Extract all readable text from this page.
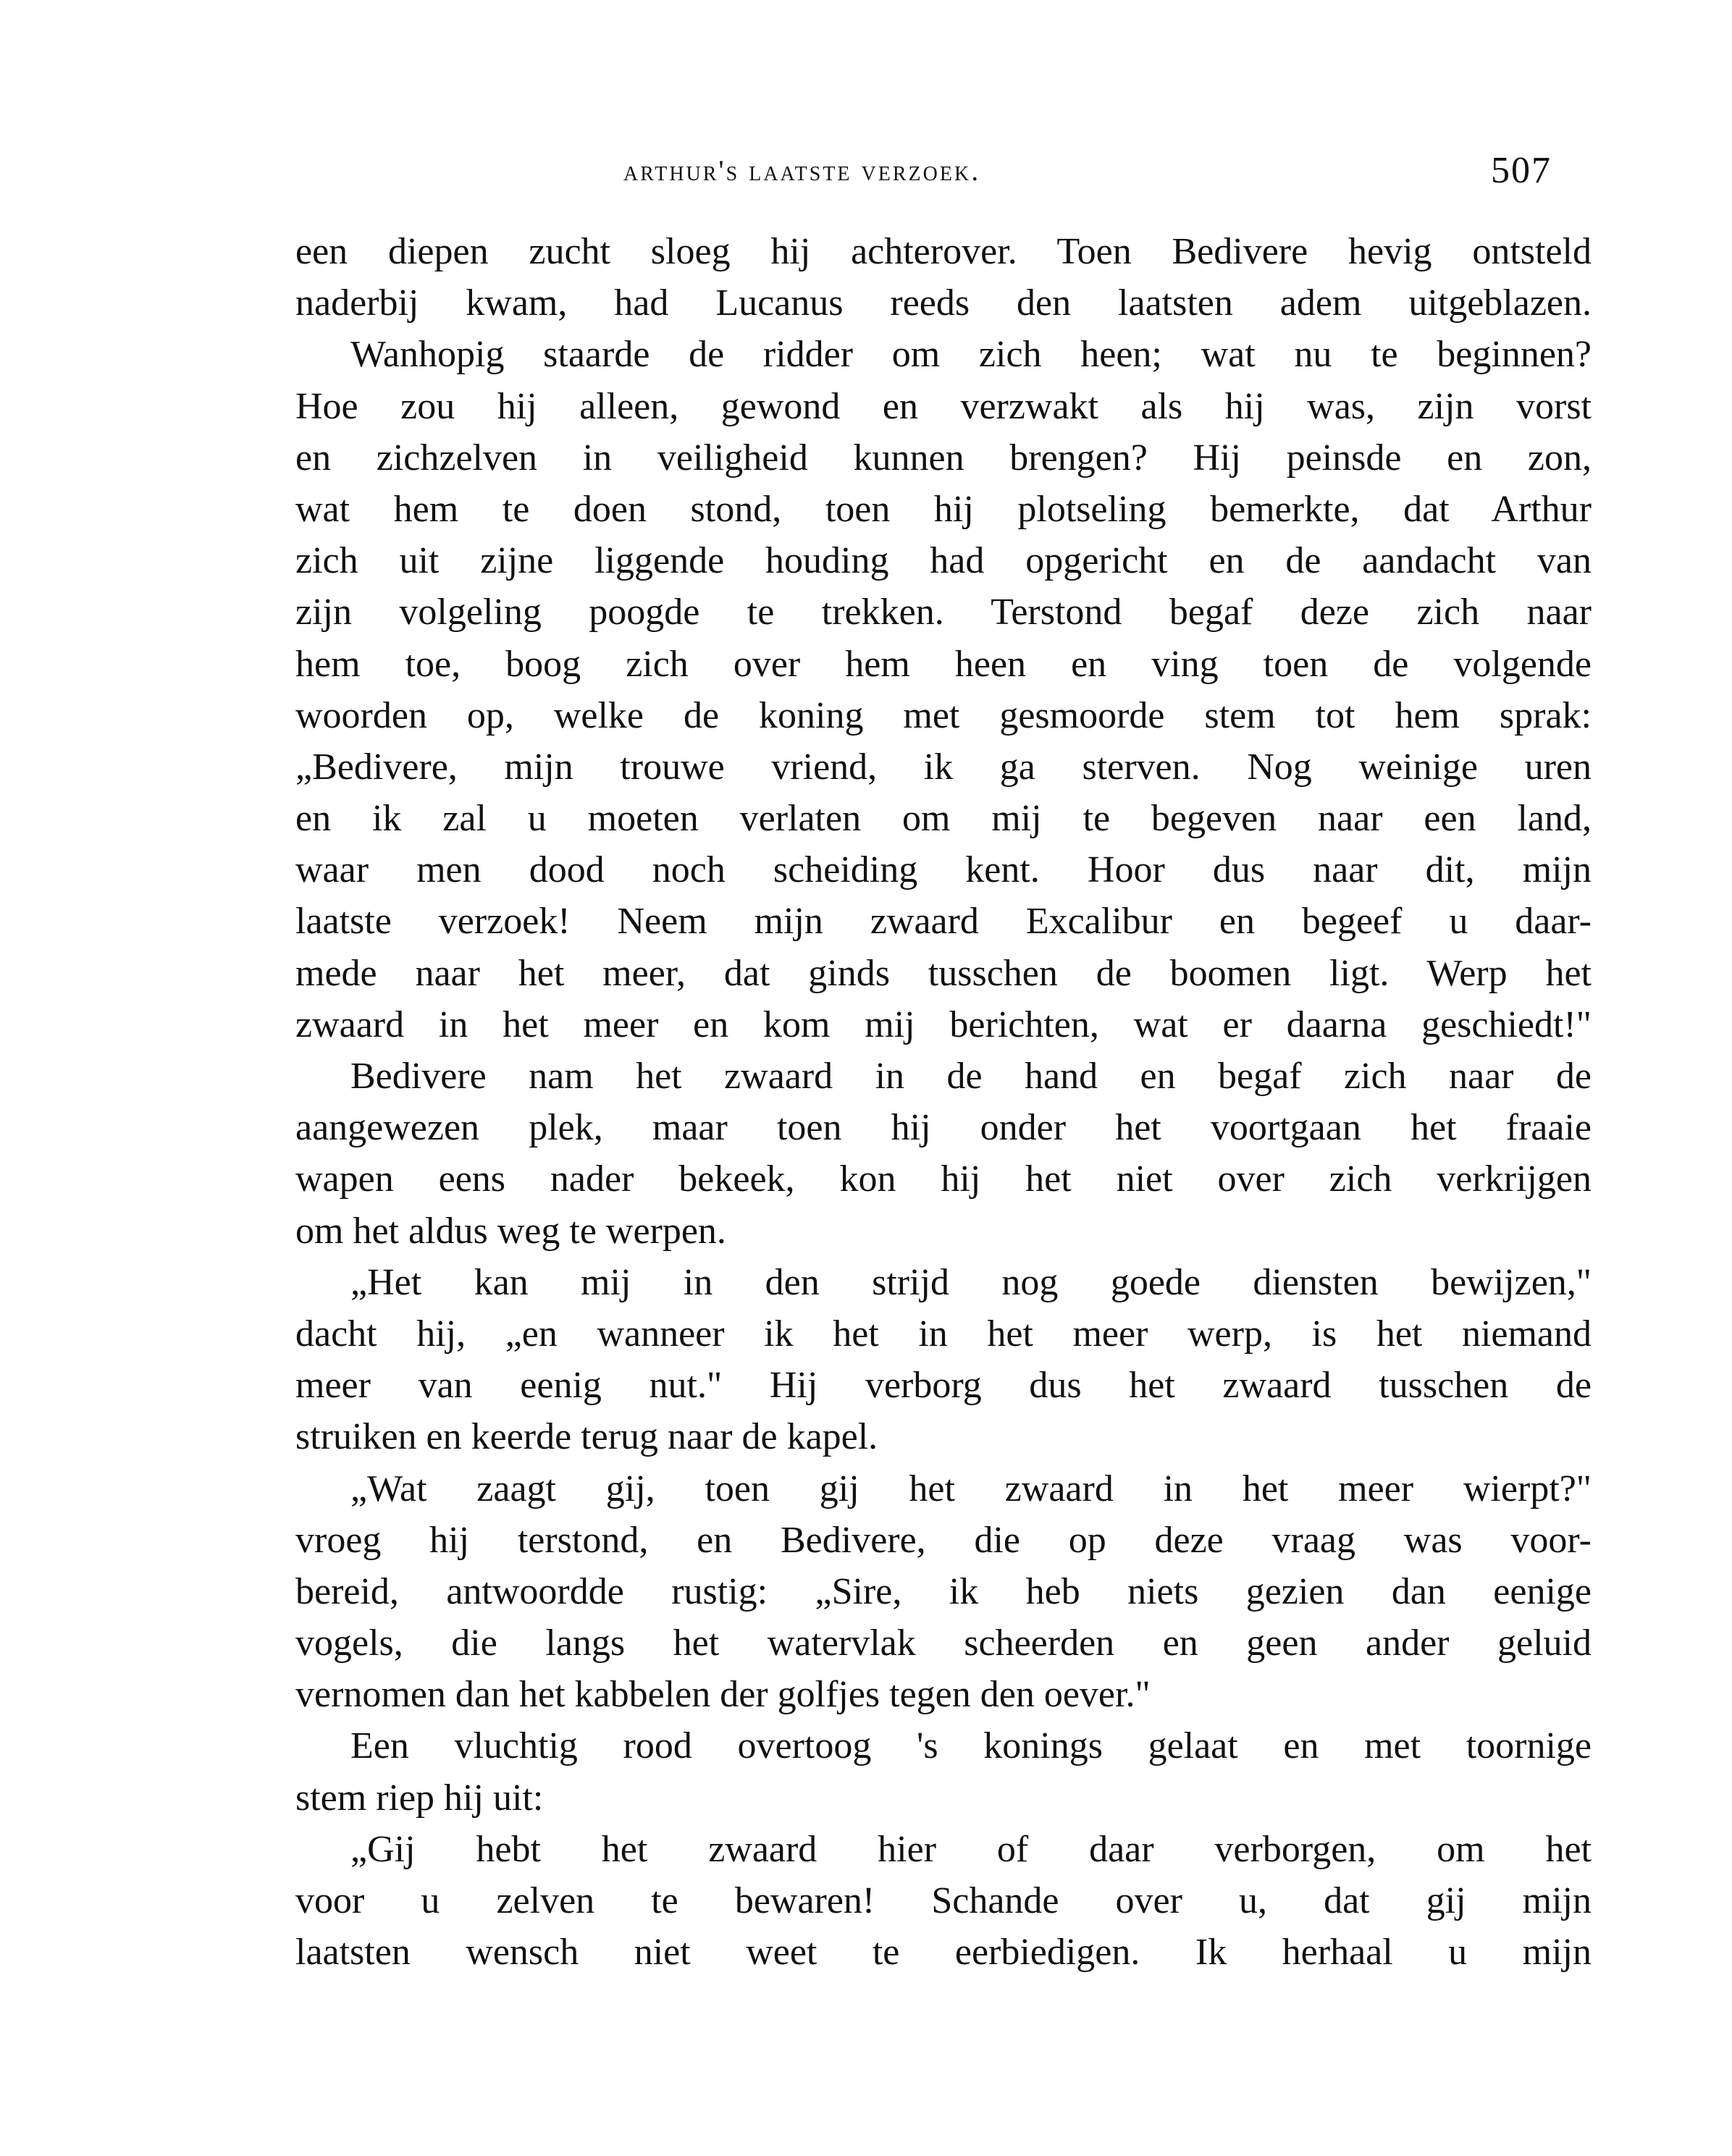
arthur's laatste verzoek.	507
een diepen zucht sloeg hij achterover. Toen Bedivere hevig ontsteld
naderbij kwam, had Lucanus reeds den laatsten adem uitgeblazen.
Wanhopig staarde de ridder om zich heen; wat nu te beginnen?
Hoe zou hij alleen, gewond en verzwakt als hij was, zijn vorst
en zichzelven in veiligheid kunnen brengen? Hij peinsde en zon,
wat hem te doen stond, toen hij plotseling bemerkte, dat Arthur
zich uit zijne liggende houding had opgericht en de aandacht van
zijn volgeling poogde te trekken. Terstond begaf deze zich naar
hem toe, boog zich over hem heen en ving toen de volgende
woorden op, welke de koning met gesmoorde stem tot hem sprak:
„Bedivere, mijn trouwe vriend, ik ga sterven. Nog weinige uren
en ik zal u moeten verlaten om mij te begeven naar een land,
waar men dood noch scheiding kent. Hoor dus naar dit, mijn
laatste verzoek! Neem mijn zwaard Excalibur en begeef u daar-
mede naar het meer, dat ginds tusschen de boomen ligt. Werp het
zwaard in het meer en kom mij berichten, wat er daarna geschiedt!"
Bedivere nam het zwaard in de hand en begaf zich naar de
aangewezen plek, maar toen hij onder het voortgaan het fraaie
wapen eens nader bekeek, kon hij het niet over zich verkrijgen
om het aldus weg te werpen.
„Het kan mij in den strijd nog goede diensten bewijzen,"
dacht hij, „en wanneer ik het in het meer werp, is het niemand
meer van eenig nut." Hij verborg dus het zwaard tusschen de
struiken en keerde terug naar de kapel.
„Wat zaagt gij, toen gij het zwaard in het meer wierpt?"
vroeg hij terstond, en Bedivere, die op deze vraag was voor-
bereid, antwoordde rustig: „Sire, ik heb niets gezien dan eenige
vogels, die langs het watervlak scheerden en geen ander geluid
vernomen dan het kabbelen der golfjes tegen den oever."
Een vluchtig rood overtoog 's konings gelaat en met toornige
stem riep hij uit:
„Gij hebt het zwaard hier of daar verborgen, om het
voor u zelven te bewaren! Schande over u, dat gij mijn
laatsten wensch niet weet te eerbiedigen. Ik herhaal u mijn
